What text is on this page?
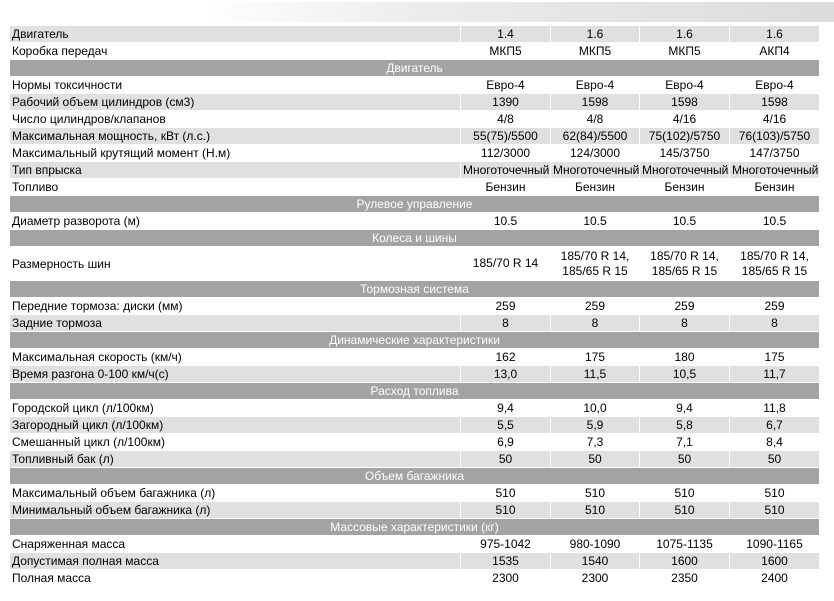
Двигатель	1.4	1.6	1.6	1.6
Коробка передач	МКП5	МКП5	МКП5	АКП4
Двигатель				
Нормы токсичности	Евро-4	Евро-4	Евро-4	Евро-4
Рабочий объем цилиндров (см3)	1390	1598	1598	1598
Число цилиндров/клапанов	4/8	4/8	4/16	4/16
Максимальная мощность, кВт (л.с.)	55(75)/5500	62(84)/5500	75(102)/5750	76(103)/5750
Максимальный крутящий момент (Н.м)	112/3000	124/3000	145/3750	147/3750
Тип впрыска	Многоточечный	Многоточечный	Многоточечный	Многоточечный
Топливо	Бензин	Бензин	Бензин	Бензин
Рулевое управление				
Диаметр разворота (м)	10.5	10.5	10.5	10.5
Колеса и шины				
Размерность шин	185/70 R 14	185/70 R 14, 185/65 R 15	185/70 R 14, 185/65 R 15	185/70 R 14, 185/65 R 15
Тормозная система				
Передние тормоза: диски (мм)	259	259	259	259
Задние тормоза	8	8	8	8
Динамические характеристики				
Максимальная скорость (км/ч)	162	175	180	175
Время разгона 0-100 км/ч(с)	13,0	11,5	10,5	11,7
Расход топлива				
Городской цикл (л/100км)	9,4	10,0	9,4	11,8
Загородный цикл (л/100км)	5,5	5,9	5,8	6,7
Смешанный цикл (л/100км)	6,9	7,3	7,1	8,4
Топливный бак (л)	50	50	50	50
Объем багажника				
Максимальный объем багажника (л)	510	510	510	510
Минимальный объем багажника (л)	510	510	510	510
Массовые характеристики (кг)				
Снаряженная масса	975-1042	980-1090	1075-1135	1090-1165
Допустимая полная масса	1535	1540	1600	1600
Полная масса	2300	2300	2350	2400
